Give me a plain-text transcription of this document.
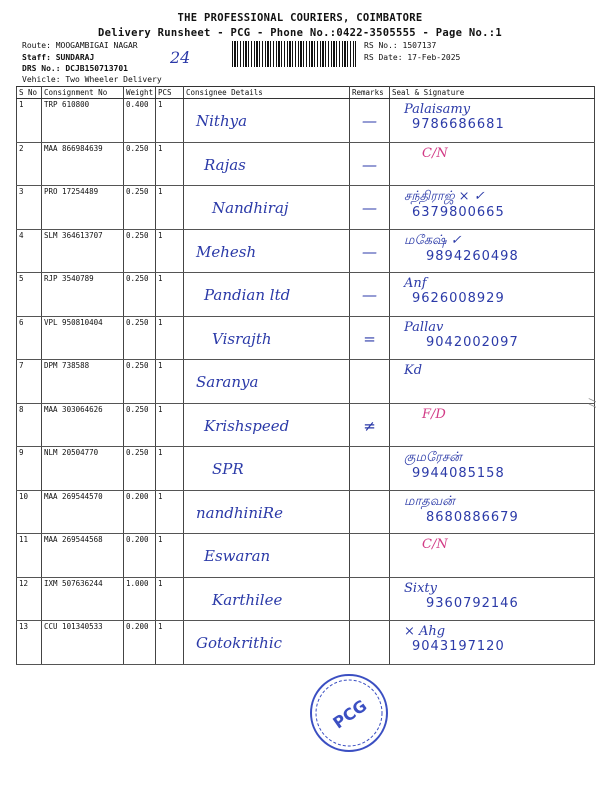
THE PROFESSIONAL COURIERS, COIMBATORE
Delivery Runsheet - PCG - Phone No.:0422-3505555 - Page No.:1
Route: MOOGAMBIGAI NAGAR
Staff: SUNDARAJ
DRS No.: DCJB150713701
Vehicle: Two Wheeler Delivery
24
RS No.: 1507137
RS Date: 17-Feb-2025
S No	Consignment No	Weight	PCS	Consignee Details	Remarks	Seal & Signature
1	TRP 610800	0.400	1	Nithya	—	Palaisamy
9786686681

2	MAA 866984639	0.250	1	Rajas	—	C/N

3	PRO 17254489	0.250	1	Nandhiraj	—	சந்திராஜ் × ✓
6379800665

4	SLM 364613707	0.250	1	Mehesh	—	மகேஷ் ✓
9894260498

5	RJP 3540789	0.250	1	Pandian ltd	—	Anf
9626008929

6	VPL 950810404	0.250	1	Visrajth	=	Pallav
9042002097

7	DPM 738588	0.250	1	Saranya		Kd

8	MAA 303064626	0.250	1	Krishspeed	≠	F/D

9	NLM 20504770	0.250	1	SPR		குமரேசன்
9944085158

10	MAA 269544570	0.200	1	nandhiniRe		மாதவன்
8680886679

11	MAA 269544568	0.200	1	Eswaran		C/N

12	IXM 507636244	1.000	1	Karthilee		Sixty
9360792146

13	CCU 101340533	0.200	1	Gotokrithic		× Ahg
9043197120
PCG
//
